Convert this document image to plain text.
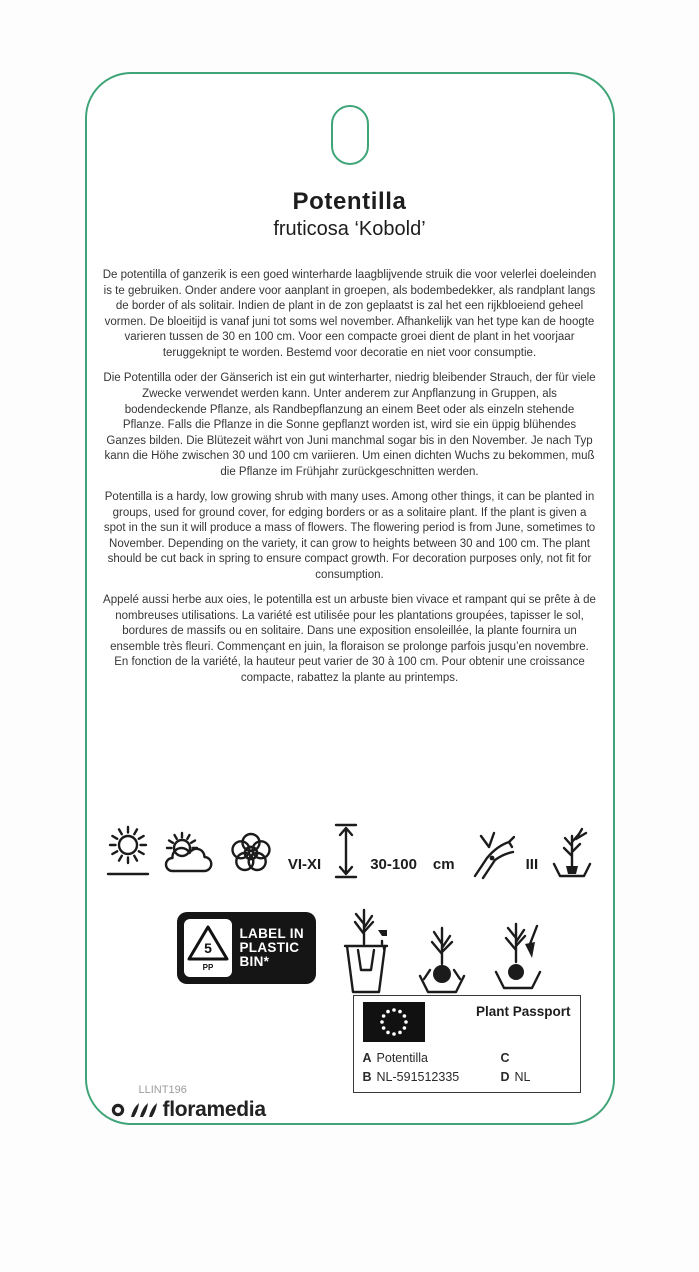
Potentilla
fruticosa ‘Kobold’

De potentilla of ganzerik is een goed winterharde laagblijvende struik die voor velerlei doeleinden is te gebruiken. Onder andere voor aanplant in groepen, als bodembedekker, als randplant langs de border of als solitair. Indien de plant in de zon geplaatst is zal het een rijkbloeiend geheel vormen. De bloeitijd is vanaf juni tot soms wel november. Afhankelijk van het type kan de hoogte varieren tussen de 30 en 100 cm. Voor een compacte groei dient de plant in het voorjaar teruggeknipt te worden. Bestemd voor decoratie en niet voor consumptie.

Die Potentilla oder der Gänserich ist ein gut winterharter, niedrig bleibender Strauch, der für viele Zwecke verwendet werden kann. Unter anderem zur Anpflanzung in Gruppen, als bodendeckende Pflanze, als Randbepflanzung an einem Beet oder als einzeln stehende Pflanze. Falls die Pflanze in die Sonne gepflanzt worden ist, wird sie ein üppig blühendes Ganzes bilden. Die Blütezeit währt von Juni manchmal sogar bis in den November. Je nach Typ kann die Höhe zwischen 30 und 100 cm variieren. Um einen dichten Wuchs zu bekommen, muß die Pflanze im Frühjahr zurückgeschnitten werden.

Potentilla is a hardy, low growing shrub with many uses. Among other things, it can be planted in groups, used for ground cover, for edging borders or as a solitaire plant. If the plant is given a spot in the sun it will produce a mass of flowers. The flowering period is from June, sometimes to November. Depending on the variety, it can grow to heights between 30 and 100 cm. The plant should be cut back in spring to ensure compact growth. For decoration purposes only, not fit for consumption.

Appelé aussi herbe aux oies, le potentilla est un arbuste bien vivace et rampant qui se prête à de nombreuses utilisations. La variété est utilisée pour les plantations groupées, tapisser le sol, bordures de massifs ou en solitaire. Dans une exposition ensoleillée, la plante fournira un ensemble très fleuri. Commençant en juin, la floraison se prolonge parfois jusqu’en novembre. En fonction de la variété, la hauteur peut varier de 30 à 100 cm. Pour obtenir une croissance compacte, rabattez la plante au printemps.

VI-XI	30-100 cm	III
5
PP
LABEL IN
PLASTIC
BIN*
Plant Passport
A Potentilla	C
B NL-591512335	D NL
LLINT196
floramedia
